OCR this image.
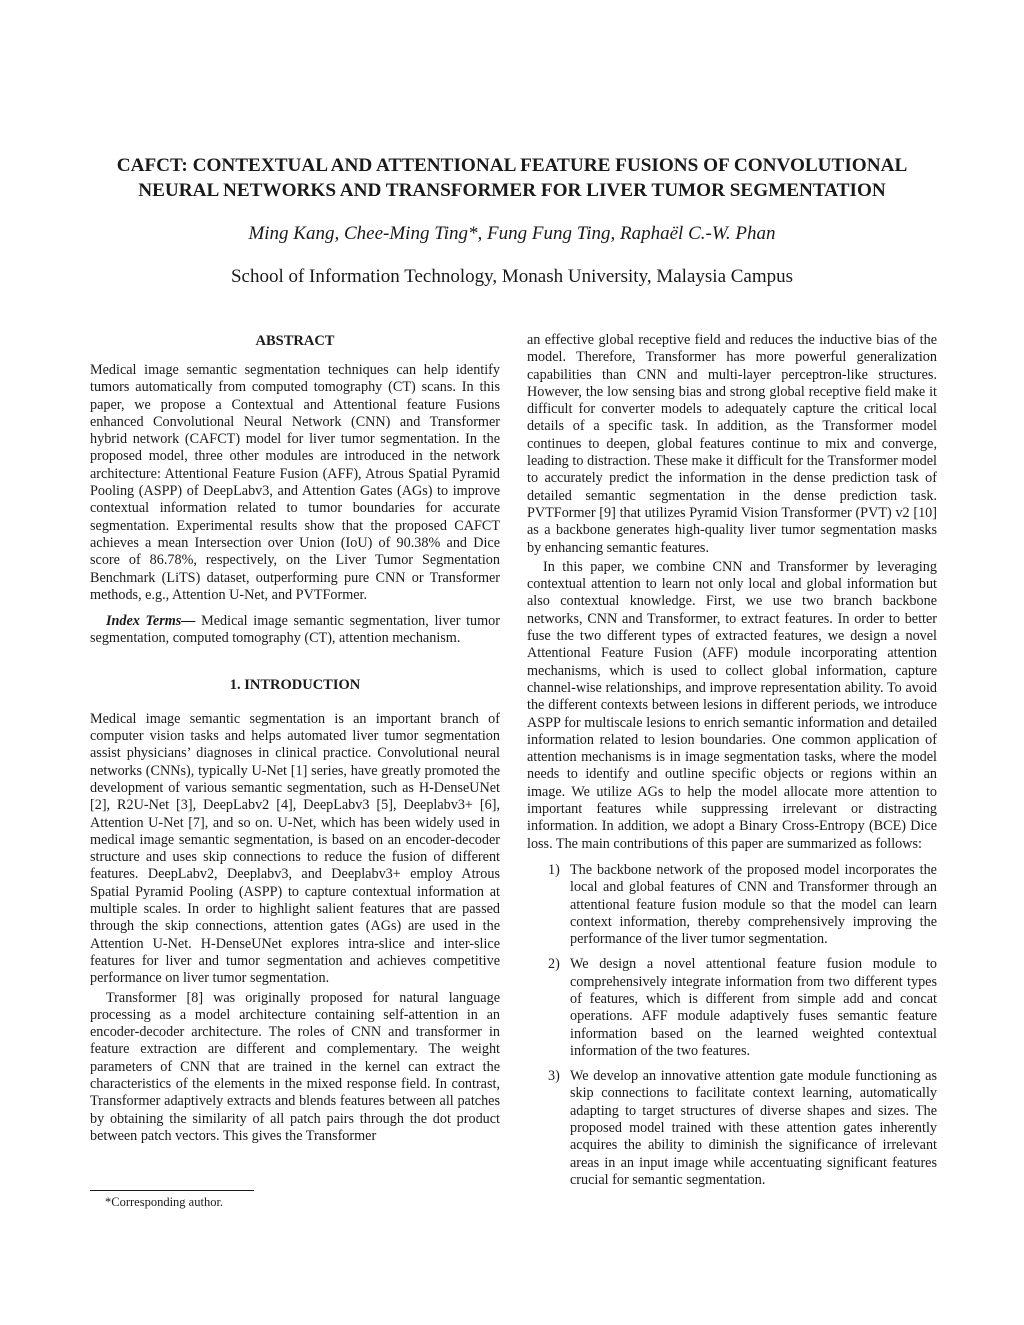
CAFCT: CONTEXTUAL AND ATTENTIONAL FEATURE FUSIONS OF CONVOLUTIONAL
NEURAL NETWORKS AND TRANSFORMER FOR LIVER TUMOR SEGMENTATION
Ming Kang, Chee-Ming Ting*, Fung Fung Ting, Raphaël C.-W. Phan
School of Information Technology, Monash University, Malaysia Campus
ABSTRACT

Medical image semantic segmentation techniques can help identify tumors automatically from computed tomography (CT) scans. In this paper, we propose a Contextual and Attentional feature Fusions enhanced Convolutional Neural Network (CNN) and Transformer hybrid network (CAFCT) model for liver tumor segmentation. In the proposed model, three other modules are introduced in the network architecture: Attentional Feature Fusion (AFF), Atrous Spatial Pyramid Pooling (ASPP) of DeepLabv3, and Attention Gates (AGs) to improve contextual information related to tumor boundaries for accurate segmentation. Experimental results show that the proposed CAFCT achieves a mean Intersection over Union (IoU) of 90.38% and Dice score of 86.78%, respectively, on the Liver Tumor Segmentation Benchmark (LiTS) dataset, outperforming pure CNN or Transformer methods, e.g., Attention U-Net, and PVTFormer.

Index Terms— Medical image semantic segmentation, liver tumor segmentation, computed tomography (CT), attention mechanism.

1. INTRODUCTION

Medical image semantic segmentation is an important branch of computer vision tasks and helps automated liver tumor segmentation assist physicians’ diagnoses in clinical practice. Convolutional neural networks (CNNs), typically U-Net [1] series, have greatly promoted the development of various semantic segmentation, such as H-DenseUNet [2], R2U-Net [3], DeepLabv2 [4], DeepLabv3 [5], Deeplabv3+ [6], Attention U-Net [7], and so on. U-Net, which has been widely used in medical image semantic segmentation, is based on an encoder-decoder structure and uses skip connections to reduce the fusion of different features. DeepLabv2, Deeplabv3, and Deeplabv3+ employ Atrous Spatial Pyramid Pooling (ASPP) to capture contextual information at multiple scales. In order to highlight salient features that are passed through the skip connections, attention gates (AGs) are used in the Attention U-Net. H-DenseUNet explores intra-slice and inter-slice features for liver and tumor segmentation and achieves competitive performance on liver tumor segmentation.

Transformer [8] was originally proposed for natural language processing as a model architecture containing self-attention in an encoder-decoder architecture. The roles of CNN and transformer in feature extraction are different and complementary. The weight parameters of CNN that are trained in the kernel can extract the characteristics of the elements in the mixed response field. In contrast, Transformer adaptively extracts and blends features between all patches by obtaining the similarity of all patch pairs through the dot product between patch vectors. This gives the Transformer

an effective global receptive field and reduces the inductive bias of the model. Therefore, Transformer has more powerful generalization capabilities than CNN and multi-layer perceptron-like structures. However, the low sensing bias and strong global receptive field make it difficult for converter models to adequately capture the critical local details of a specific task. In addition, as the Transformer model continues to deepen, global features continue to mix and converge, leading to distraction. These make it difficult for the Transformer model to accurately predict the information in the dense prediction task of detailed semantic segmentation in the dense prediction task. PVTFormer [9] that utilizes Pyramid Vision Transformer (PVT) v2 [10] as a backbone generates high-quality liver tumor segmentation masks by enhancing semantic features.

In this paper, we combine CNN and Transformer by leveraging contextual attention to learn not only local and global information but also contextual knowledge. First, we use two branch backbone networks, CNN and Transformer, to extract features. In order to better fuse the two different types of extracted features, we design a novel Attentional Feature Fusion (AFF) module incorporating attention mechanisms, which is used to collect global information, capture channel-wise relationships, and improve representation ability. To avoid the different contexts between lesions in different periods, we introduce ASPP for multiscale lesions to enrich semantic information and detailed information related to lesion boundaries. One common application of attention mechanisms is in image segmentation tasks, where the model needs to identify and outline specific objects or regions within an image. We utilize AGs to help the model allocate more attention to important features while suppressing irrelevant or distracting information. In addition, we adopt a Binary Cross-Entropy (BCE) Dice loss. The main contributions of this paper are summarized as follows:

1) The backbone network of the proposed model incorporates the local and global features of CNN and Transformer through an attentional feature fusion module so that the model can learn context information, thereby comprehensively improving the performance of the liver tumor segmentation.
2) We design a novel attentional feature fusion module to comprehensively integrate information from two different types of features, which is different from simple add and concat operations. AFF module adaptively fuses semantic feature information based on the learned weighted contextual information of the two features.
3) We develop an innovative attention gate module functioning as skip connections to facilitate context learning, automatically adapting to target structures of diverse shapes and sizes. The proposed model trained with these attention gates inherently acquires the ability to diminish the significance of irrelevant areas in an input image while accentuating significant features crucial for semantic segmentation.
*Corresponding author.
